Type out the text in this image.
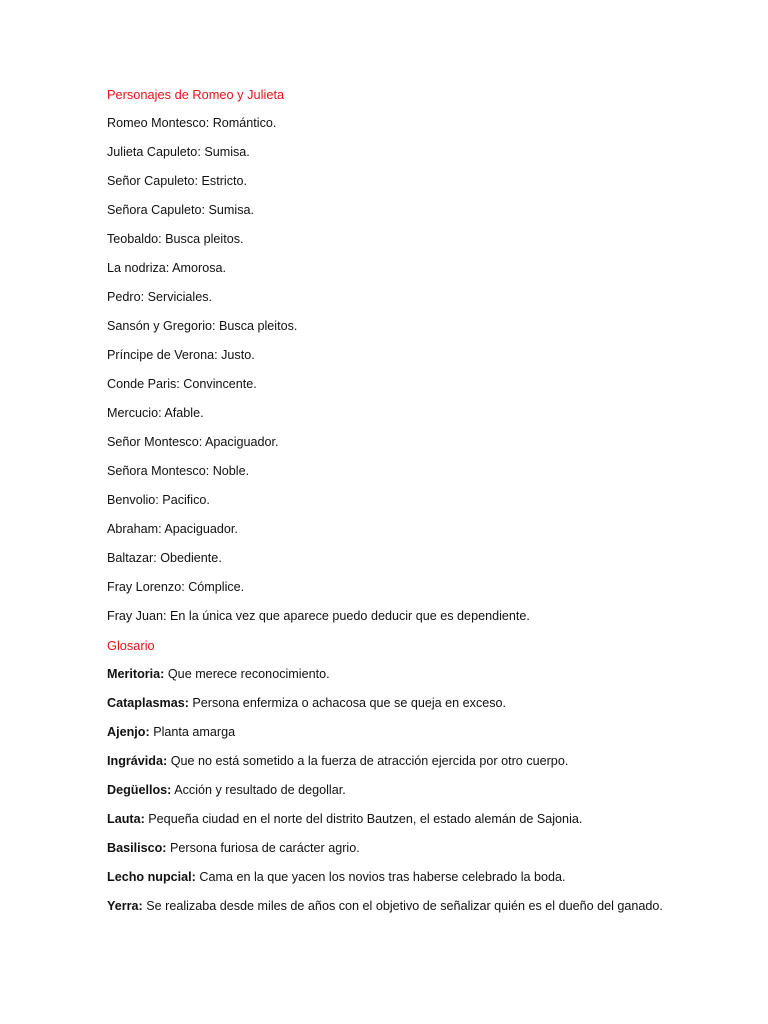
Personajes de Romeo y Julieta
Romeo Montesco: Romántico.
Julieta Capuleto: Sumisa.
Señor Capuleto: Estricto.
Señora Capuleto: Sumisa.
Teobaldo: Busca pleitos.
La nodriza: Amorosa.
Pedro: Serviciales.
Sansón y Gregorio: Busca pleitos.
Príncipe de Verona: Justo.
Conde Paris: Convincente.
Mercucio: Afable.
Señor Montesco: Apaciguador.
Señora Montesco: Noble.
Benvolio: Pacifico.
Abraham: Apaciguador.
Baltazar: Obediente.
Fray Lorenzo: Cómplice.
Fray Juan: En la única vez que aparece puedo deducir que es dependiente.
Glosario
Meritoria: Que merece reconocimiento.
Cataplasmas: Persona enfermiza o achacosa que se queja en exceso.
Ajenjo: Planta amarga
Ingrávida: Que no está sometido a la fuerza de atracción ejercida por otro cuerpo.
Degüellos: Acción y resultado de degollar.
Lauta: Pequeña ciudad en el norte del distrito Bautzen, el estado alemán de Sajonia.
Basilisco: Persona furiosa de carácter agrio.
Lecho nupcial: Cama en la que yacen los novios tras haberse celebrado la boda.
Yerra: Se realizaba desde miles de años con el objetivo de señalizar quién es el dueño del ganado.
